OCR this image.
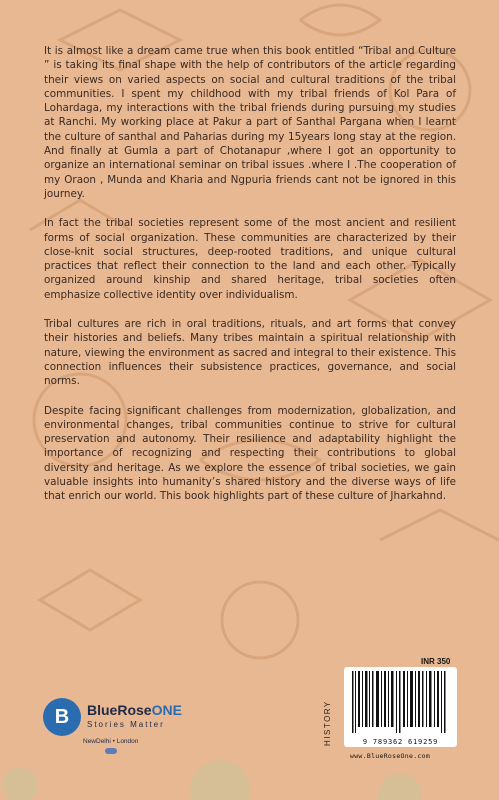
It is almost like a dream came true when this book entitled “Tribal and Culture ” is taking its final shape with the help of contributors of the article regarding their views on varied aspects on social and cultural traditions of the tribal communities. I spent my childhood with my tribal friends of Kol Para of Lohardaga, my interactions with the tribal friends during pursuing my studies at Ranchi. My working place at Pakur a part of Santhal Pargana when I learnt the culture of santhal and Paharias during my 15years long stay at the region. And finally at Gumla a part of Chotanapur ,where I got an opportunity to organize an international seminar on tribal issues .where I .The cooperation of my Oraon , Munda and Kharia and Ngpuria friends cant not be ignored in this journey.

In fact the tribal societies represent some of the most ancient and resilient forms of social organization. These communities are characterized by their close-knit social structures, deep-rooted traditions, and unique cultural practices that reflect their connection to the land and each other. Typically organized around kinship and shared heritage, tribal societies often emphasize collective identity over individualism.

Tribal cultures are rich in oral traditions, rituals, and art forms that convey their histories and beliefs. Many tribes maintain a spiritual relationship with nature, viewing the environment as sacred and integral to their existence. This connection influences their subsistence practices, governance, and social norms.

Despite facing significant challenges from modernization, globalization, and environmental changes, tribal communities continue to strive for cultural preservation and autonomy. Their resilience and adaptability highlight the importance of recognizing and respecting their contributions to global diversity and heritage. As we explore the essence of tribal societies, we gain valuable insights into humanity’s shared history and the diverse ways of life that enrich our world. This book highlights part of these culture of Jharkahnd.

B	BlueRoseONE
Stories Matter
NewDelhi • London	HISTORY
INR 350
9 789362 619259
www.BlueRoseOne.com
